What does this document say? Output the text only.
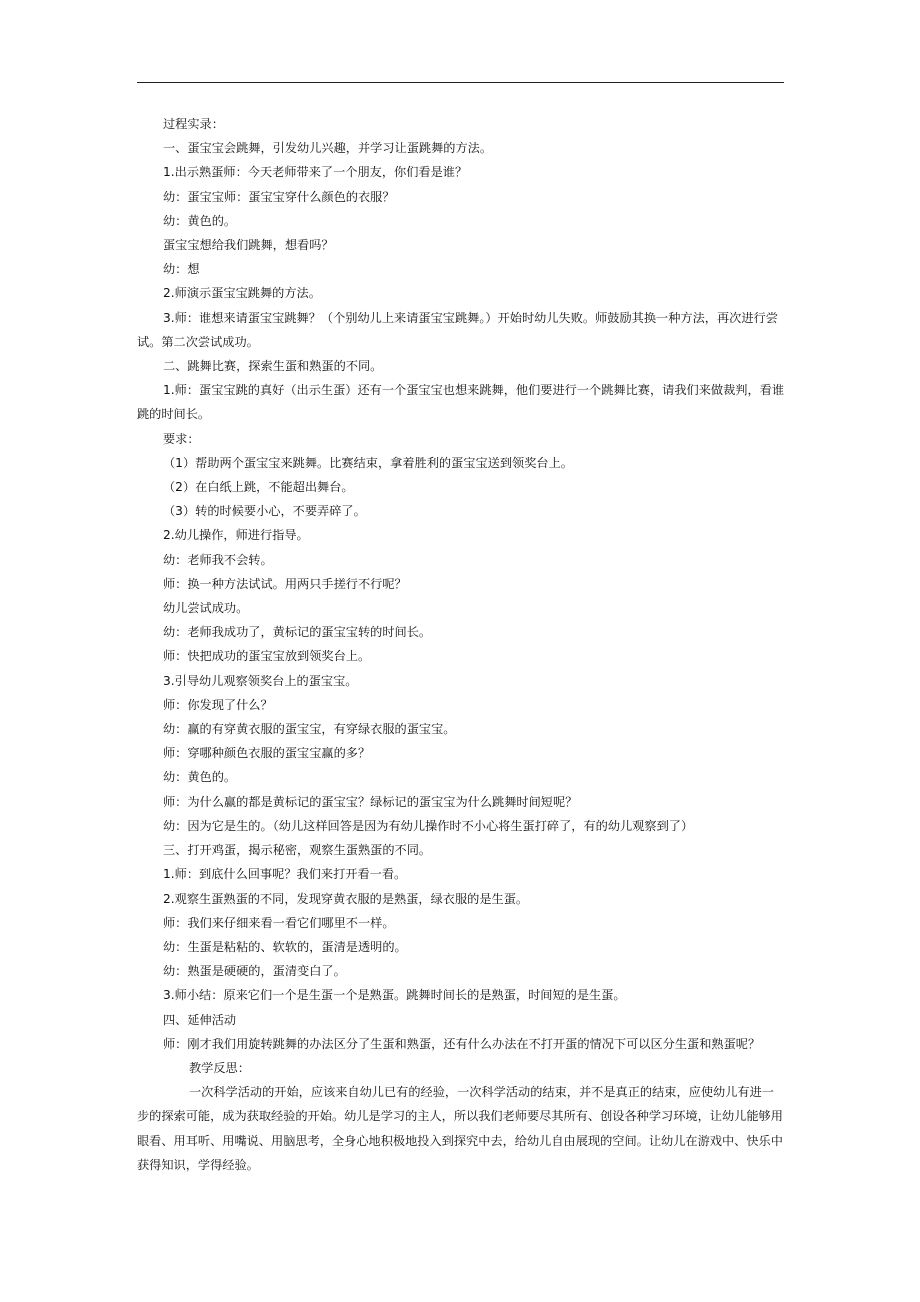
过程实录：

一、蛋宝宝会跳舞，引发幼儿兴趣，并学习让蛋跳舞的方法。

1.出示熟蛋师：今天老师带来了一个朋友，你们看是谁？

幼：蛋宝宝师：蛋宝宝穿什么颜色的衣服？

幼：黄色的。

蛋宝宝想给我们跳舞，想看吗？

幼：想

2.师演示蛋宝宝跳舞的方法。

3.师：谁想来请蛋宝宝跳舞？（个别幼儿上来请蛋宝宝跳舞。）开始时幼儿失败。师鼓励其换一种方法，再次进行尝试。第二次尝试成功。

二、跳舞比赛，探索生蛋和熟蛋的不同。

1.师：蛋宝宝跳的真好（出示生蛋）还有一个蛋宝宝也想来跳舞，他们要进行一个跳舞比赛，请我们来做裁判，看谁跳的时间长。

要求：

（1）帮助两个蛋宝宝来跳舞。比赛结束，拿着胜利的蛋宝宝送到领奖台上。

（2）在白纸上跳，不能超出舞台。

（3）转的时候要小心，不要弄碎了。

2.幼儿操作，师进行指导。

幼：老师我不会转。

师：换一种方法试试。用两只手搓行不行呢？

幼儿尝试成功。

幼：老师我成功了，黄标记的蛋宝宝转的时间长。

师：快把成功的蛋宝宝放到领奖台上。

3.引导幼儿观察领奖台上的蛋宝宝。

师：你发现了什么？

幼：赢的有穿黄衣服的蛋宝宝，有穿绿衣服的蛋宝宝。

师：穿哪种颜色衣服的蛋宝宝赢的多？

幼：黄色的。

师：为什么赢的都是黄标记的蛋宝宝？绿标记的蛋宝宝为什么跳舞时间短呢？

幼：因为它是生的。（幼儿这样回答是因为有幼儿操作时不小心将生蛋打碎了，有的幼儿观察到了）

三、打开鸡蛋，揭示秘密，观察生蛋熟蛋的不同。

1.师：到底什么回事呢？我们来打开看一看。

2.观察生蛋熟蛋的不同，发现穿黄衣服的是熟蛋，绿衣服的是生蛋。

师：我们来仔细来看一看它们哪里不一样。

幼：生蛋是粘粘的、软软的，蛋清是透明的。

幼：熟蛋是硬硬的，蛋清变白了。

3.师小结：原来它们一个是生蛋一个是熟蛋。跳舞时间长的是熟蛋，时间短的是生蛋。

四、延伸活动

师：刚才我们用旋转跳舞的办法区分了生蛋和熟蛋，还有什么办法在不打开蛋的情况下可以区分生蛋和熟蛋呢？

教学反思：

一次科学活动的开始，应该来自幼儿已有的经验，一次科学活动的结束，并不是真正的结束，应使幼儿有进一步的探索可能，成为获取经验的开始。幼儿是学习的主人，所以我们老师要尽其所有、创设各种学习环境，让幼儿能够用眼看、用耳听、用嘴说、用脑思考，全身心地积极地投入到探究中去，给幼儿自由展现的空间。让幼儿在游戏中、快乐中获得知识，学得经验。
